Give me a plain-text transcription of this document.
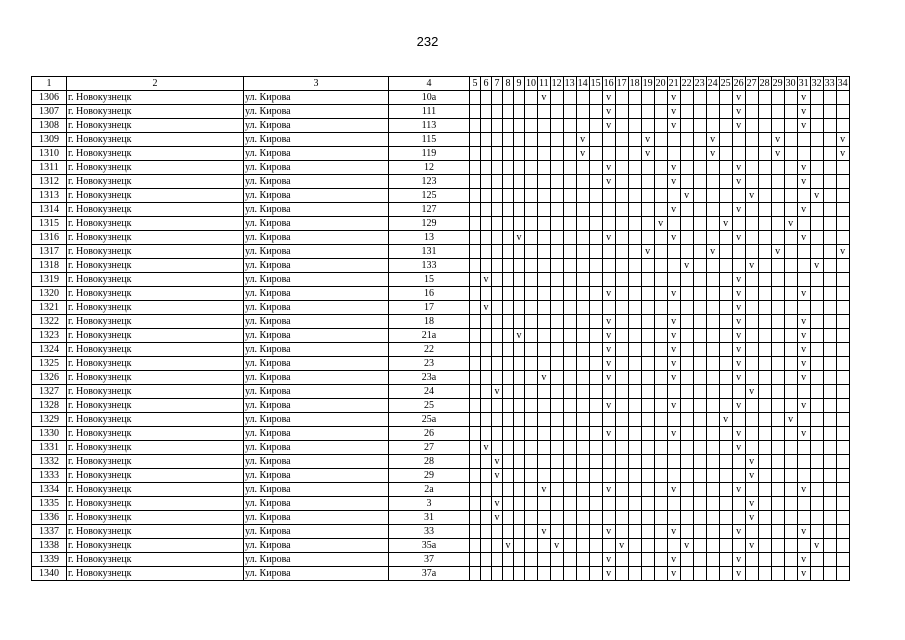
232
1	2	3	4	5	6	7	8	9	10	11	12	13	14	15	16	17	18	19	20	21	22	23	24	25	26	27	28	29	30	31	32	33	34
1306	г. Новокузнецк	ул. Кирова	10а							v					v					v					v					v			
1307	г. Новокузнецк	ул. Кирова	111												v					v					v					v			
1308	г. Новокузнецк	ул. Кирова	113												v					v					v					v			
1309	г. Новокузнецк	ул. Кирова	115										v					v					v					v					v
1310	г. Новокузнецк	ул. Кирова	119										v					v					v					v					v
1311	г. Новокузнецк	ул. Кирова	12												v					v					v					v			
1312	г. Новокузнецк	ул. Кирова	123												v					v					v					v			
1313	г. Новокузнецк	ул. Кирова	125																		v					v					v		
1314	г. Новокузнецк	ул. Кирова	127																	v					v					v			
1315	г. Новокузнецк	ул. Кирова	129																v					v					v				
1316	г. Новокузнецк	ул. Кирова	13					v							v					v					v					v			
1317	г. Новокузнецк	ул. Кирова	131															v					v					v					v
1318	г. Новокузнецк	ул. Кирова	133																		v					v					v		
1319	г. Новокузнецк	ул. Кирова	15		v																				v								
1320	г. Новокузнецк	ул. Кирова	16												v					v					v					v			
1321	г. Новокузнецк	ул. Кирова	17		v																				v								
1322	г. Новокузнецк	ул. Кирова	18												v					v					v					v			
1323	г. Новокузнецк	ул. Кирова	21а					v							v					v					v					v			
1324	г. Новокузнецк	ул. Кирова	22												v					v					v					v			
1325	г. Новокузнецк	ул. Кирова	23												v					v					v					v			
1326	г. Новокузнецк	ул. Кирова	23а							v					v					v					v					v			
1327	г. Новокузнецк	ул. Кирова	24			v																				v							
1328	г. Новокузнецк	ул. Кирова	25												v					v					v					v			
1329	г. Новокузнецк	ул. Кирова	25а																					v					v				
1330	г. Новокузнецк	ул. Кирова	26												v					v					v					v			
1331	г. Новокузнецк	ул. Кирова	27		v																				v								
1332	г. Новокузнецк	ул. Кирова	28			v																				v							
1333	г. Новокузнецк	ул. Кирова	29			v																				v							
1334	г. Новокузнецк	ул. Кирова	2а							v					v					v					v					v			
1335	г. Новокузнецк	ул. Кирова	3			v																				v							
1336	г. Новокузнецк	ул. Кирова	31			v																				v							
1337	г. Новокузнецк	ул. Кирова	33							v					v					v					v					v			
1338	г. Новокузнецк	ул. Кирова	35а				v				v					v					v					v					v		
1339	г. Новокузнецк	ул. Кирова	37												v					v					v					v			
1340	г. Новокузнецк	ул. Кирова	37а												v					v					v					v			
